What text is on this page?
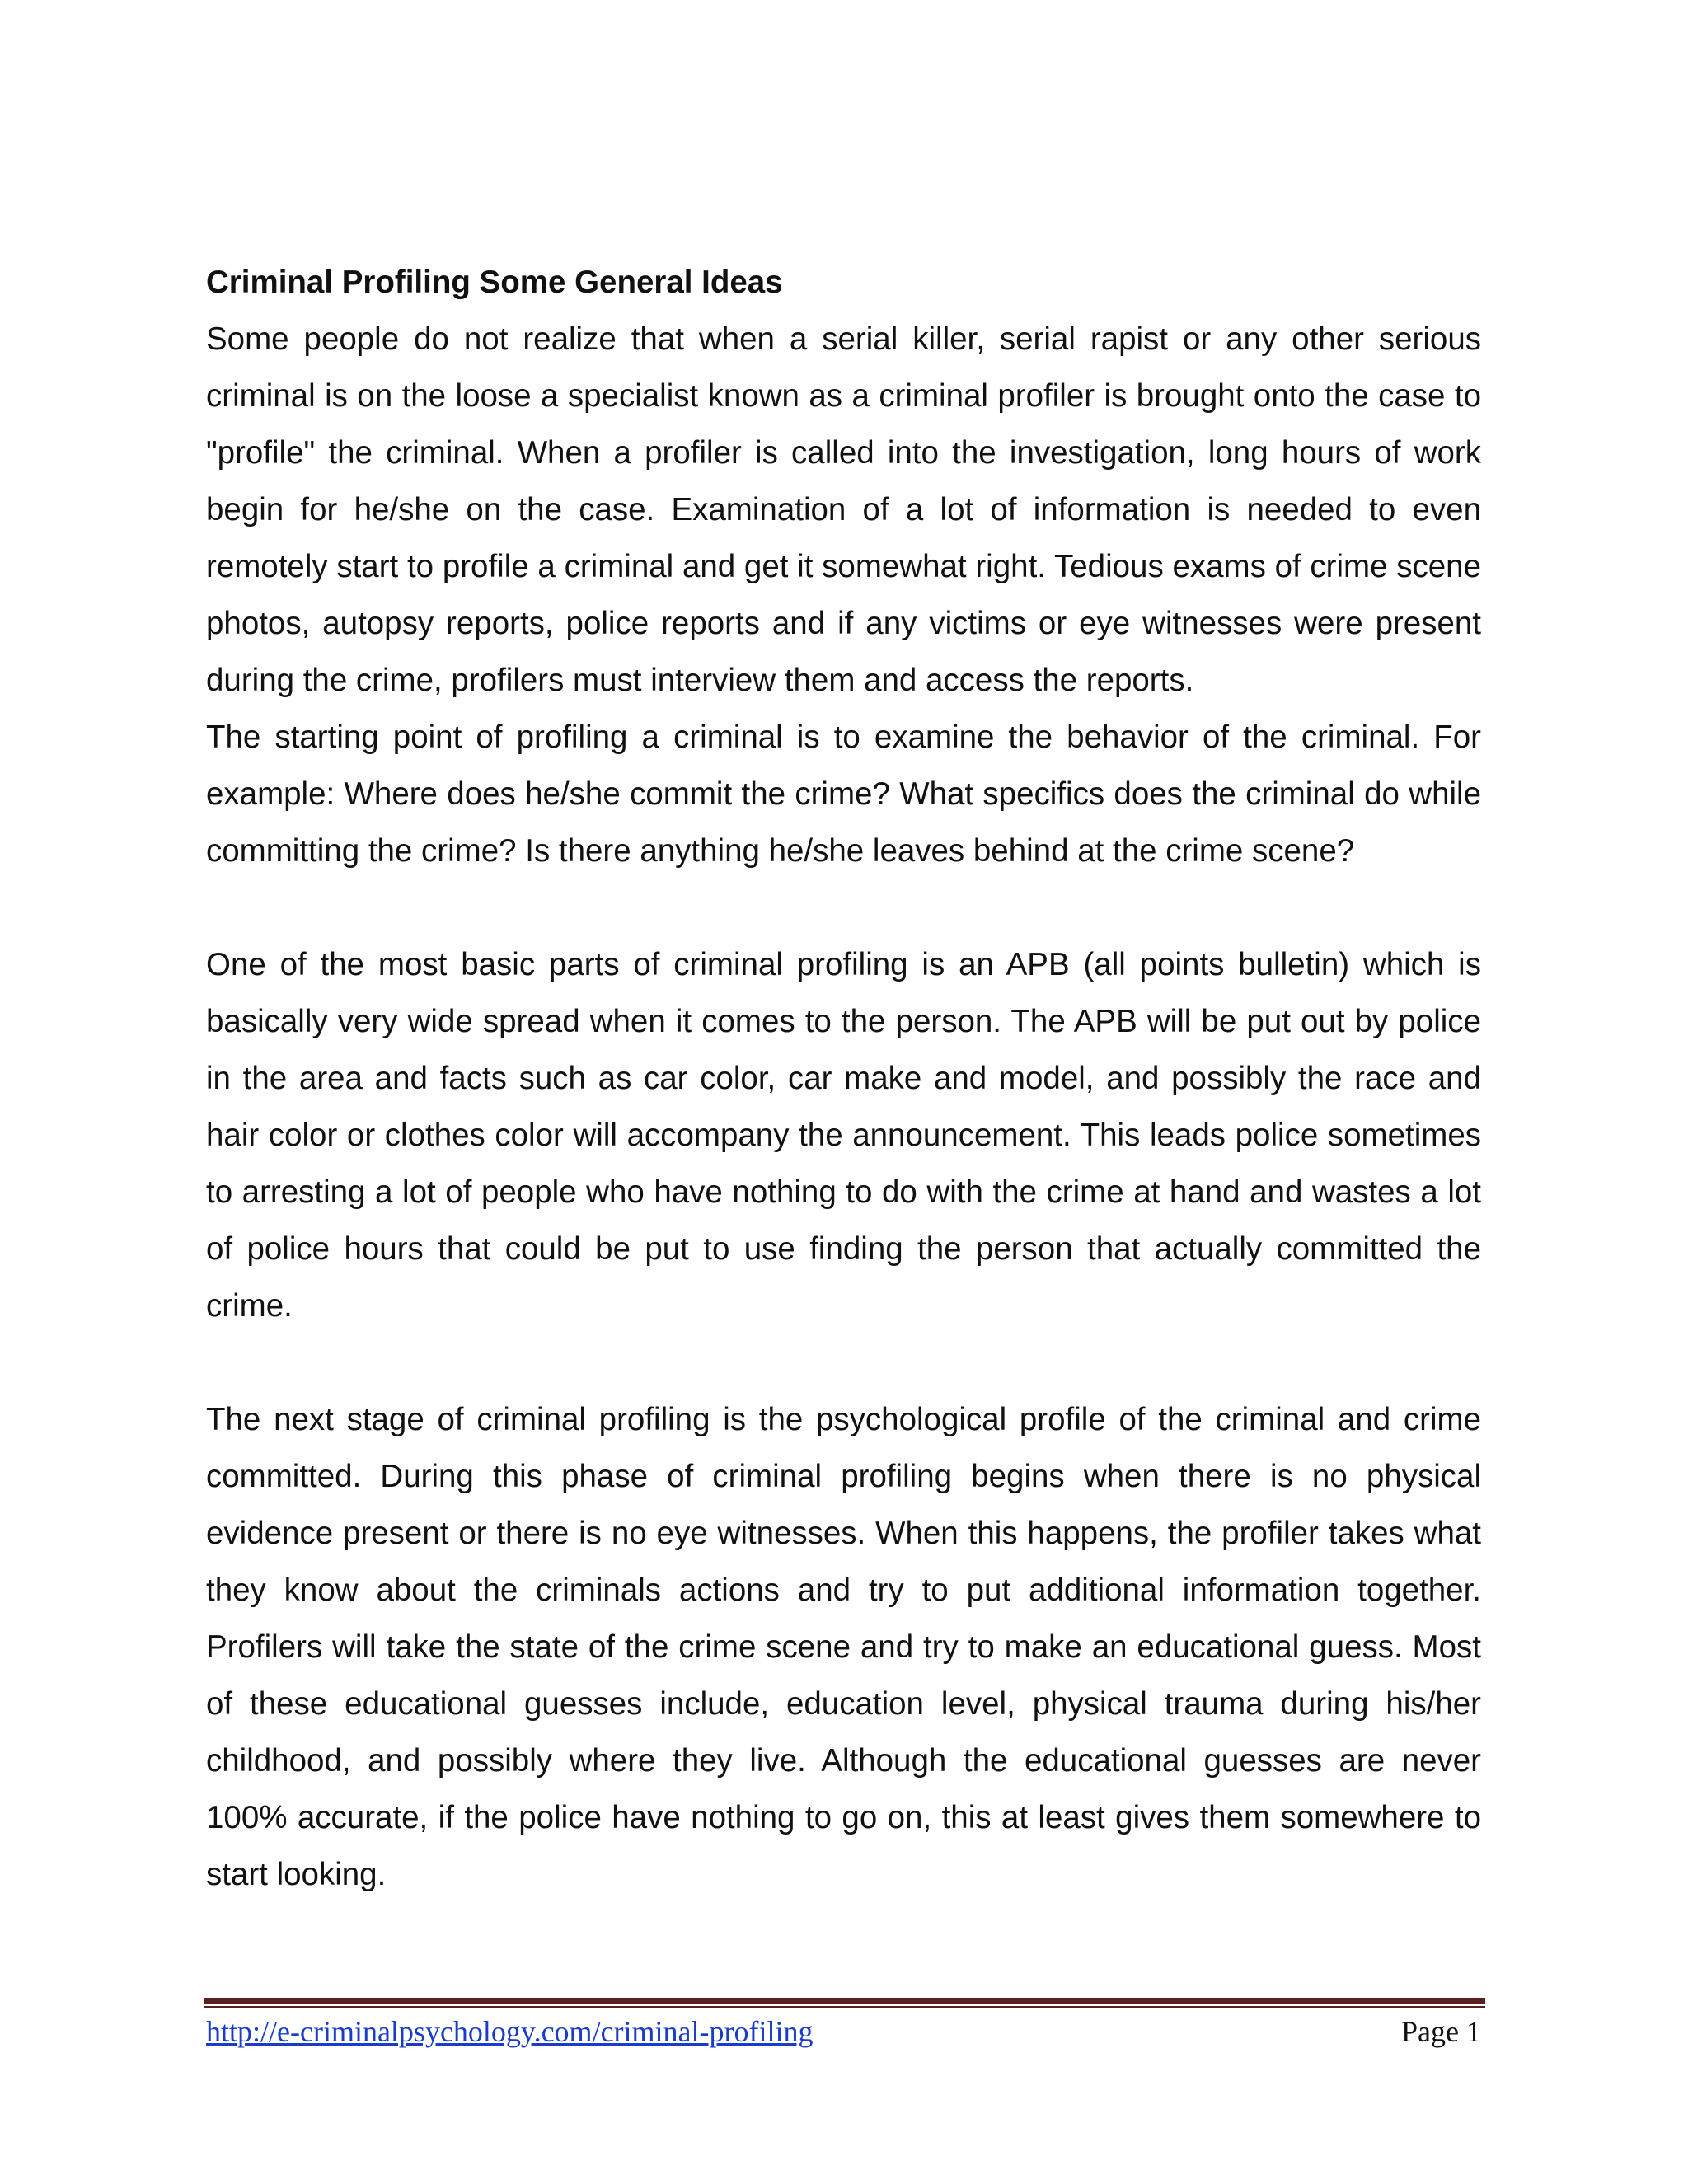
Criminal Profiling Some General Ideas

Some people do not realize that when a serial killer, serial rapist or any other serious criminal is on the loose a specialist known as a criminal profiler is brought onto the case to "profile" the criminal. When a profiler is called into the investigation, long hours of work begin for he/she on the case. Examination of a lot of information is needed to even remotely start to profile a criminal and get it somewhat right. Tedious exams of crime scene photos, autopsy reports, police reports and if any victims or eye witnesses were present during the crime, profilers must interview them and access the reports.

The starting point of profiling a criminal is to examine the behavior of the criminal. For example: Where does he/she commit the crime? What specifics does the criminal do while committing the crime? Is there anything he/she leaves behind at the crime scene?

One of the most basic parts of criminal profiling is an APB (all points bulletin) which is basically very wide spread when it comes to the person. The APB will be put out by police in the area and facts such as car color, car make and model, and possibly the race and hair color or clothes color will accompany the announcement. This leads police sometimes to arresting a lot of people who have nothing to do with the crime at hand and wastes a lot of police hours that could be put to use finding the person that actually committed the crime.

The next stage of criminal profiling is the psychological profile of the criminal and crime committed. During this phase of criminal profiling begins when there is no physical evidence present or there is no eye witnesses. When this happens, the profiler takes what they know about the criminals actions and try to put additional information together. Profilers will take the state of the crime scene and try to make an educational guess. Most of these educational guesses include, education level, physical trauma during his/her childhood, and possibly where they live. Although the educational guesses are never 100% accurate, if the police have nothing to go on, this at least gives them somewhere to start looking.

http://e-criminalpsychology.com/criminal-profiling	Page 1
